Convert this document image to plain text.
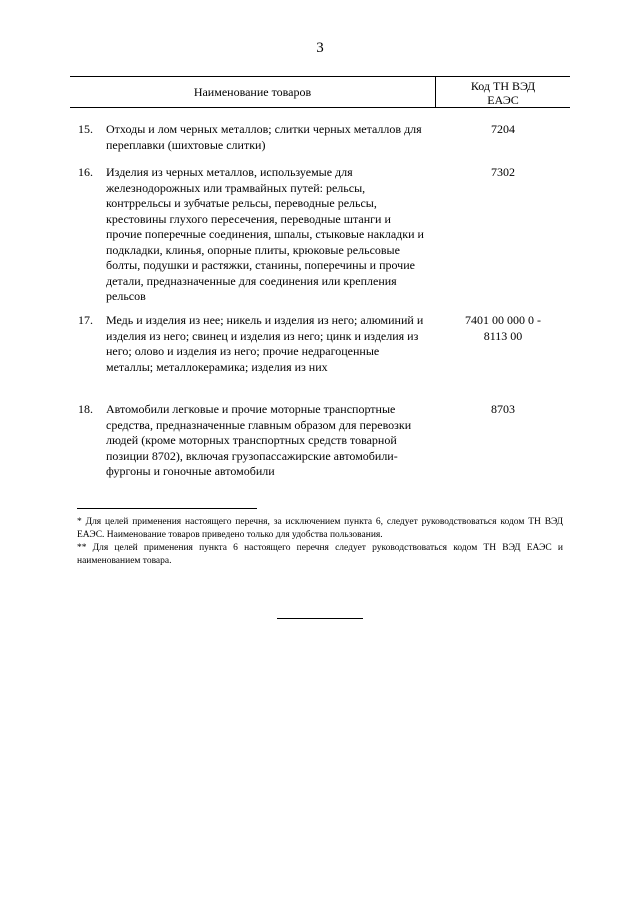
3
Наименование товаров	Код ТН ВЭД ЕАЭС
15. Отходы и лом черных металлов; слитки черных металлов для переплавки (шихтовые слитки)
7204
16. Изделия из черных металлов, используемые для железнодорожных или трамвайных путей: рельсы, контррельсы и зубчатые рельсы, переводные рельсы, крестовины глухого пересечения, переводные штанги и прочие поперечные соединения, шпалы, стыковые накладки и подкладки, клинья, опорные плиты, крюковые рельсовые болты, подушки и растяжки, станины, поперечины и прочие детали, предназначенные для соединения или крепления рельсов
7302
17. Медь и изделия из нее; никель и изделия из него; алюминий и изделия из него; свинец и изделия из него; цинк и изделия из него; олово и изделия из него; прочие недрагоценные металлы; металлокерамика; изделия из них
7401 00 000 0 - 8113 00
18. Автомобили легковые и прочие моторные транспортные средства, предназначенные главным образом для перевозки людей (кроме моторных транспортных средств товарной позиции 8702), включая грузопассажирские автомобили-фургоны и гоночные автомобили
8703

* Для целей применения настоящего перечня, за исключением пункта 6, следует руководствоваться кодом ТН ВЭД ЕАЭС. Наименование товаров приведено только для удобства пользования.

** Для целей применения пункта 6 настоящего перечня следует руководствоваться кодом ТН ВЭД ЕАЭС и наименованием товара.
